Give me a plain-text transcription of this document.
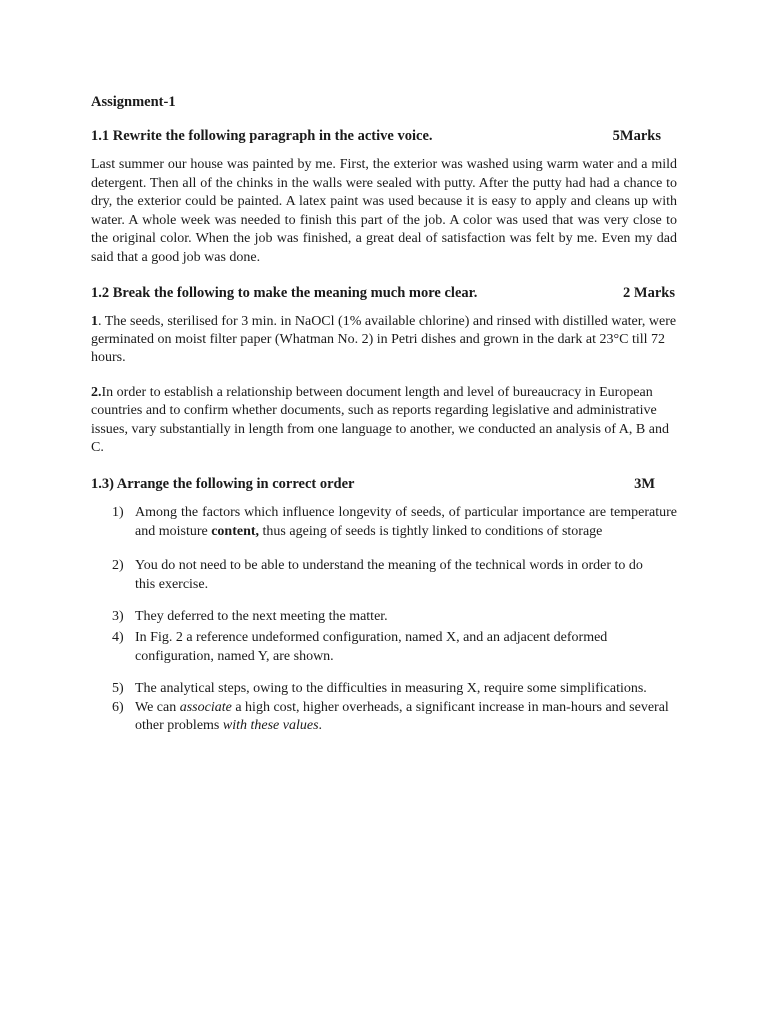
Assignment-1
1.1 Rewrite the following paragraph in the active voice.	5Marks

Last summer our house was painted by me. First, the exterior was washed using warm water and a mild detergent. Then all of the chinks in the walls were sealed with putty. After the putty had had a chance to dry, the exterior could be painted. A latex paint was used because it is easy to apply and cleans up with water. A whole week was needed to finish this part of the job. A color was used that was very close to the original color. When the job was finished, a great deal of satisfaction was felt by me. Even my dad said that a good job was done.

1.2 Break the following to make the meaning much more clear.	2 Marks

1. The seeds, sterilised for 3 min. in NaOCl (1% available chlorine) and rinsed with distilled water, were germinated on moist filter paper (Whatman No. 2) in Petri dishes and grown in the dark at 23°C till 72 hours.

2.In order to establish a relationship between document length and level of bureaucracy in European countries and to confirm whether documents, such as reports regarding legislative and administrative issues, vary substantially in length from one language to another, we conducted an analysis of A, B and C.

1.3) Arrange the following in correct order	3M
1) Among the factors which influence longevity of seeds, of particular importance are temperature and moisture content, thus ageing of seeds is tightly linked to conditions of storage
2) You do not need to be able to understand the meaning of the technical words in order to do    this exercise.
3) They deferred to the next meeting the matter.
4) In Fig. 2 a reference undeformed configuration, named X, and an adjacent deformed configuration, named Y, are shown.
5) The analytical steps, owing to the difficulties in measuring X, require some simplifications.
6) We can associate a high cost, higher overheads, a significant increase in man-hours and several other problems with these values.
